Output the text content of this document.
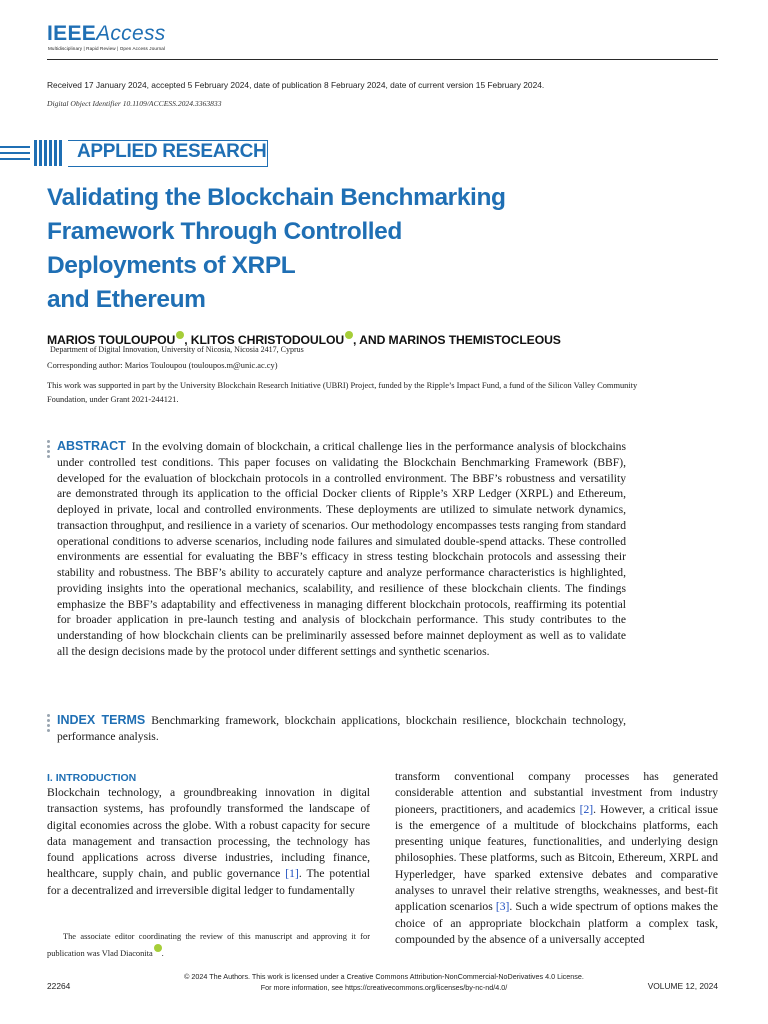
IEEEAccess
Multidisciplinary | Rapid Review | Open Access Journal
Received 17 January 2024, accepted 5 February 2024, date of publication 8 February 2024, date of current version 15 February 2024.
Digital Object Identifier 10.1109/ACCESS.2024.3363833
APPLIED RESEARCH
Validating the Blockchain Benchmarking
Framework Through Controlled
Deployments of XRPL
and Ethereum
MARIOS TOULOUPOU , KLITOS CHRISTODOULOU , AND MARINOS THEMISTOCLEOUS
Department of Digital Innovation, University of Nicosia, Nicosia 2417, Cyprus
Corresponding author: Marios Touloupou (touloupos.m@unic.ac.cy)
This work was supported in part by the University Blockchain Research Initiative (UBRI) Project, funded by the Ripple’s Impact Fund, a fund of the Silicon Valley Community Foundation, under Grant 2021-244121.
ABSTRACT In the evolving domain of blockchain, a critical challenge lies in the performance analysis of blockchains under controlled test conditions. This paper focuses on validating the Blockchain Benchmarking Framework (BBF), developed for the evaluation of blockchain protocols in a controlled environment. The BBF’s robustness and versatility are demonstrated through its application to the official Docker clients of Ripple’s XRP Ledger (XRPL) and Ethereum, deployed in private, local and controlled environments. These deployments are utilized to simulate network dynamics, transaction throughput, and resilience in a variety of scenarios. Our methodology encompasses tests ranging from standard operational conditions to adverse scenarios, including node failures and simulated double-spend attacks. These controlled environments are essential for evaluating the BBF’s efficacy in stress testing blockchain protocols and assessing their stability and robustness. The BBF’s ability to accurately capture and analyze performance characteristics is highlighted, providing insights into the operational mechanics, scalability, and resilience of these blockchain clients. The findings emphasize the BBF’s adaptability and effectiveness in managing different blockchain protocols, reaffirming its potential for broader application in pre-launch testing and analysis of blockchain performance. This study contributes to the understanding of how blockchain clients can be preliminarily assessed before mainnet deployment as well as to validate all the design decisions made by the protocol under different settings and synthetic scenarios.
INDEX TERMS Benchmarking framework, blockchain applications, blockchain resilience, blockchain technology, performance analysis.
I. INTRODUCTION
Blockchain technology, a groundbreaking innovation in digital transaction systems, has profoundly transformed the landscape of digital economies across the globe. With a robust capacity for secure data management and transaction processing, the technology has found applications across diverse industries, including finance, healthcare, supply chain, and public governance [1]. The potential for a decentralized and irreversible digital ledger to fundamentally
transform conventional company processes has generated considerable attention and substantial investment from industry pioneers, practitioners, and academics [2]. However, a critical issue is the emergence of a multitude of blockchains platforms, each presenting unique features, functionalities, and underlying design philosophies. These platforms, such as Bitcoin, Ethereum, XRPL and Hyperledger, have sparked extensive debates and comparative analyses to unravel their relative strengths, weaknesses, and best-fit application scenarios [3]. Such a wide spectrum of options makes the choice of an appropriate blockchain platform a complex task, compounded by the absence of a universally accepted
The associate editor coordinating the review of this manuscript and approving it for publication was Vlad Diaconita .
© 2024 The Authors. This work is licensed under a Creative Commons Attribution-NonCommercial-NoDerivatives 4.0 License.
For more information, see https://creativecommons.org/licenses/by-nc-nd/4.0/
22264	VOLUME 12, 2024
